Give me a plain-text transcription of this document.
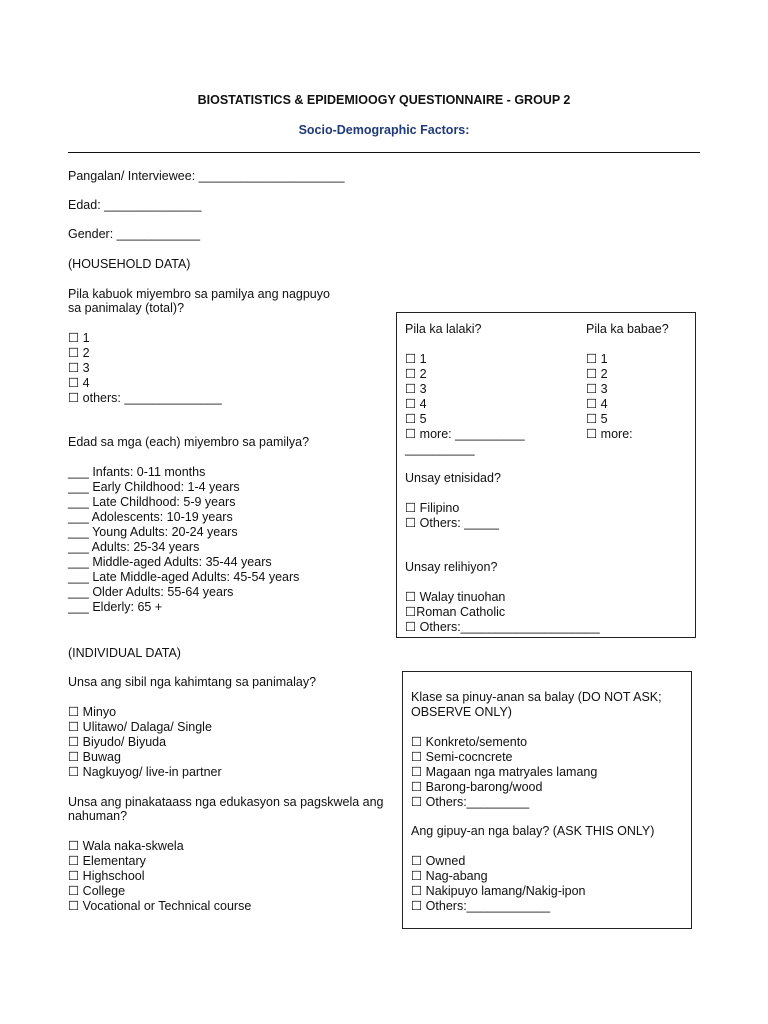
BIOSTATISTICS & EPIDEMIOOGY QUESTIONNAIRE - GROUP 2
Socio-Demographic Factors:
Pangalan/ Interviewee: _____________________
Edad: ______________
Gender: ____________
(HOUSEHOLD DATA)
Pila kabuok miyembro sa pamilya ang nagpuyo
sa panimalay (total)?
☐ 1
☐ 2
☐ 3
☐ 4
☐ others: ______________
Edad sa mga (each) miyembro sa pamilya?
___ Infants: 0-11 months
___ Early Childhood: 1-4 years
___ Late Childhood: 5-9 years
___ Adolescents: 10-19 years
___ Young Adults: 20-24 years
___ Adults: 25-34 years
___ Middle-aged Adults: 35-44 years
___ Late Middle-aged Adults: 45-54 years
___ Older Adults: 55-64 years
___ Elderly: 65 +
Pila ka lalaki?
☐ 1
☐ 2
☐ 3
☐ 4
☐ 5
☐ more: __________
__________
Pila ka babae?
☐ 1
☐ 2
☐ 3
☐ 4
☐ 5
☐ more:
Unsay etnisidad?
☐ Filipino
☐ Others: _____
Unsay relihiyon?
☐ Walay tinuohan
☐Roman Catholic
☐ Others:____________________
(INDIVIDUAL DATA)
Unsa ang sibil nga kahimtang sa panimalay?
☐ Minyo
☐ Ulitawo/ Dalaga/ Single
☐ Biyudo/ Biyuda
☐ Buwag
☐ Nagkuyog/ live-in partner
Unsa ang pinakataass nga edukasyon sa pagskwela ang
nahuman?
☐ Wala naka-skwela
☐ Elementary
☐ Highschool
☐ College
☐ Vocational or Technical course
Klase sa pinuy-anan sa balay (DO NOT ASK;
OBSERVE ONLY)
☐ Konkreto/semento
☐ Semi-cocncrete
☐ Magaan nga matryales lamang
☐ Barong-barong/wood
☐ Others:_________
Ang gipuy-an nga balay? (ASK THIS ONLY)
☐ Owned
☐ Nag-abang
☐ Nakipuyo lamang/Nakig-ipon
☐ Others:____________
